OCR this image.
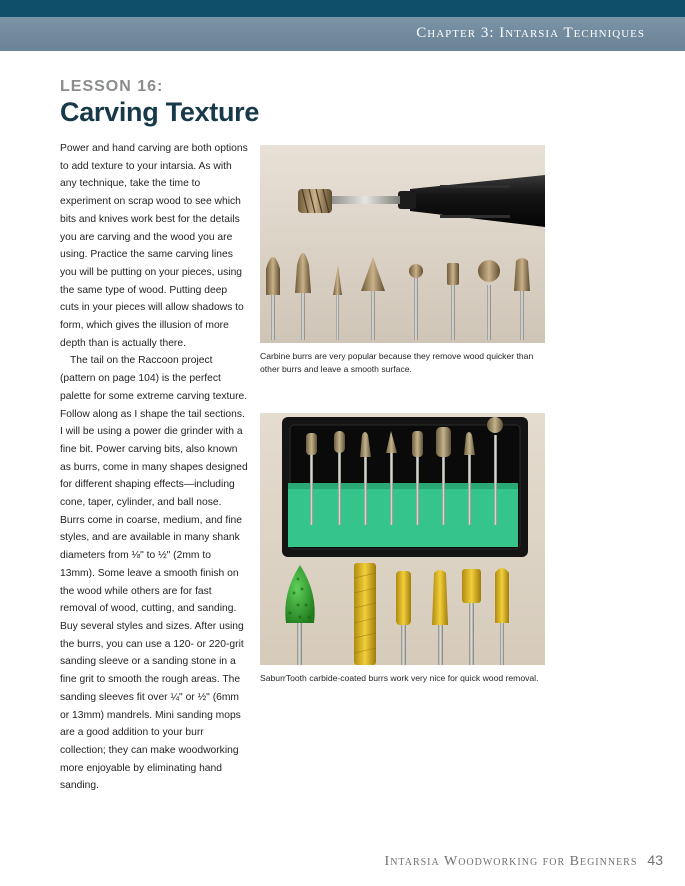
Chapter 3: Intarsia Techniques
LESSON 16:
Carving Texture

Power and hand carving are both options to add texture to your intarsia. As with any technique, take the time to experiment on scrap wood to see which bits and knives work best for the details you are carving and the wood you are using. Practice the same carving lines you will be putting on your pieces, using the same type of wood. Putting deep cuts in your pieces will allow shadows to form, which gives the illusion of more depth than is actually there.

The tail on the Raccoon project (pattern on page 104) is the perfect palette for some extreme carving texture. Follow along as I shape the tail sections. I will be using a power die grinder with a fine bit. Power carving bits, also known as burrs, come in many shapes designed for different shaping effects—including cone, taper, cylinder, and ball nose. Burrs come in coarse, medium, and fine styles, and are available in many shank diameters from ⅛" to ½" (2mm to 13mm). Some leave a smooth finish on the wood while others are for fast removal of wood, cutting, and sanding. Buy several styles and sizes. After using the burrs, you can use a 120- or 220-grit sanding sleeve or a sanding stone in a fine grit to smooth the rough areas. The sanding sleeves fit over ¼" or ½" (6mm or 13mm) mandrels. Mini sanding mops are a good addition to your burr collection; they can make woodworking more enjoyable by eliminating hand sanding.

Carbine burrs are very popular because they remove wood quicker than other burrs and leave a smooth surface.
SaburrTooth carbide-coated burrs work very nice for quick wood removal.
Intarsia Woodworking for Beginners 43
